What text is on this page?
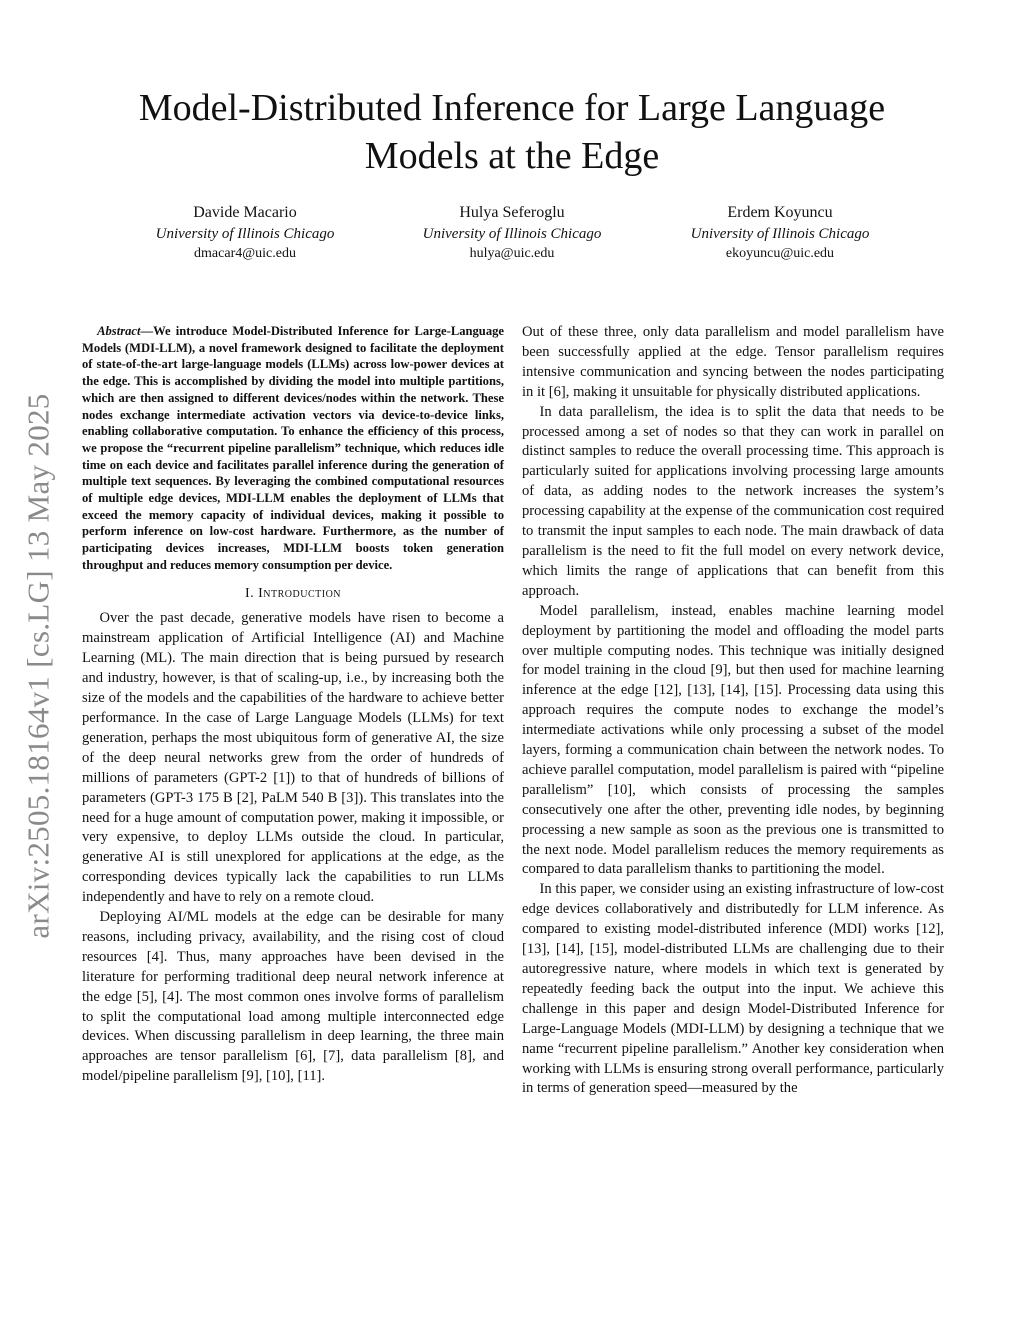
arXiv:2505.18164v1 [cs.LG] 13 May 2025
Model-Distributed Inference for Large Language
Models at the Edge
Davide Macario
University of Illinois Chicago
dmacar4@uic.edu
Hulya Seferoglu
University of Illinois Chicago
hulya@uic.edu
Erdem Koyuncu
University of Illinois Chicago
ekoyuncu@uic.edu

Abstract—We introduce Model-Distributed Inference for Large-Language Models (MDI-LLM), a novel framework designed to facilitate the deployment of state-of-the-art large-language models (LLMs) across low-power devices at the edge. This is accomplished by dividing the model into multiple partitions, which are then assigned to different devices/nodes within the network. These nodes exchange intermediate activation vectors via device-to-device links, enabling collaborative computation. To enhance the efficiency of this process, we propose the “recurrent pipeline parallelism” technique, which reduces idle time on each device and facilitates parallel inference during the generation of multiple text sequences. By leveraging the combined computational resources of multiple edge devices, MDI-LLM enables the deployment of LLMs that exceed the memory capacity of individual devices, making it possible to perform inference on low-cost hardware. Furthermore, as the number of participating devices increases, MDI-LLM boosts token generation throughput and reduces memory consumption per device.

I. Introduction

Over the past decade, generative models have risen to become a mainstream application of Artificial Intelligence (AI) and Machine Learning (ML). The main direction that is being pursued by research and industry, however, is that of scaling-up, i.e., by increasing both the size of the models and the capabilities of the hardware to achieve better performance. In the case of Large Language Models (LLMs) for text generation, perhaps the most ubiquitous form of generative AI, the size of the deep neural networks grew from the order of hundreds of millions of parameters (GPT-2 [1]) to that of hundreds of billions of parameters (GPT-3 175 B [2], PaLM 540 B [3]). This translates into the need for a huge amount of computation power, making it impossible, or very expensive, to deploy LLMs outside the cloud. In particular, generative AI is still unexplored for applications at the edge, as the corresponding devices typically lack the capabilities to run LLMs independently and have to rely on a remote cloud.

Deploying AI/ML models at the edge can be desirable for many reasons, including privacy, availability, and the rising cost of cloud resources [4]. Thus, many approaches have been devised in the literature for performing traditional deep neural network inference at the edge [5], [4]. The most common ones involve forms of parallelism to split the computational load among multiple interconnected edge devices. When discussing parallelism in deep learning, the three main approaches are tensor parallelism [6], [7], data parallelism [8], and model/pipeline parallelism [9], [10], [11].

Out of these three, only data parallelism and model parallelism have been successfully applied at the edge. Tensor parallelism requires intensive communication and syncing between the nodes participating in it [6], making it unsuitable for physically distributed applications.

In data parallelism, the idea is to split the data that needs to be processed among a set of nodes so that they can work in parallel on distinct samples to reduce the overall processing time. This approach is particularly suited for applications involving processing large amounts of data, as adding nodes to the network increases the system’s processing capability at the expense of the communication cost required to transmit the input samples to each node. The main drawback of data parallelism is the need to fit the full model on every network device, which limits the range of applications that can benefit from this approach.

Model parallelism, instead, enables machine learning model deployment by partitioning the model and offloading the model parts over multiple computing nodes. This technique was initially designed for model training in the cloud [9], but then used for machine learning inference at the edge [12], [13], [14], [15]. Processing data using this approach requires the compute nodes to exchange the model’s intermediate activations while only processing a subset of the model layers, forming a communication chain between the network nodes. To achieve parallel computation, model parallelism is paired with “pipeline parallelism” [10], which consists of processing the samples consecutively one after the other, preventing idle nodes, by beginning processing a new sample as soon as the previous one is transmitted to the next node. Model parallelism reduces the memory requirements as compared to data parallelism thanks to partitioning the model.

In this paper, we consider using an existing infrastructure of low-cost edge devices collaboratively and distributedly for LLM inference. As compared to existing model-distributed inference (MDI) works [12], [13], [14], [15], model-distributed LLMs are challenging due to their autoregressive nature, where models in which text is generated by repeatedly feeding back the output into the input. We achieve this challenge in this paper and design Model-Distributed Inference for Large-Language Models (MDI-LLM) by designing a technique that we name “recurrent pipeline parallelism.” Another key consideration when working with LLMs is ensuring strong overall performance, particularly in terms of generation speed—measured by the
